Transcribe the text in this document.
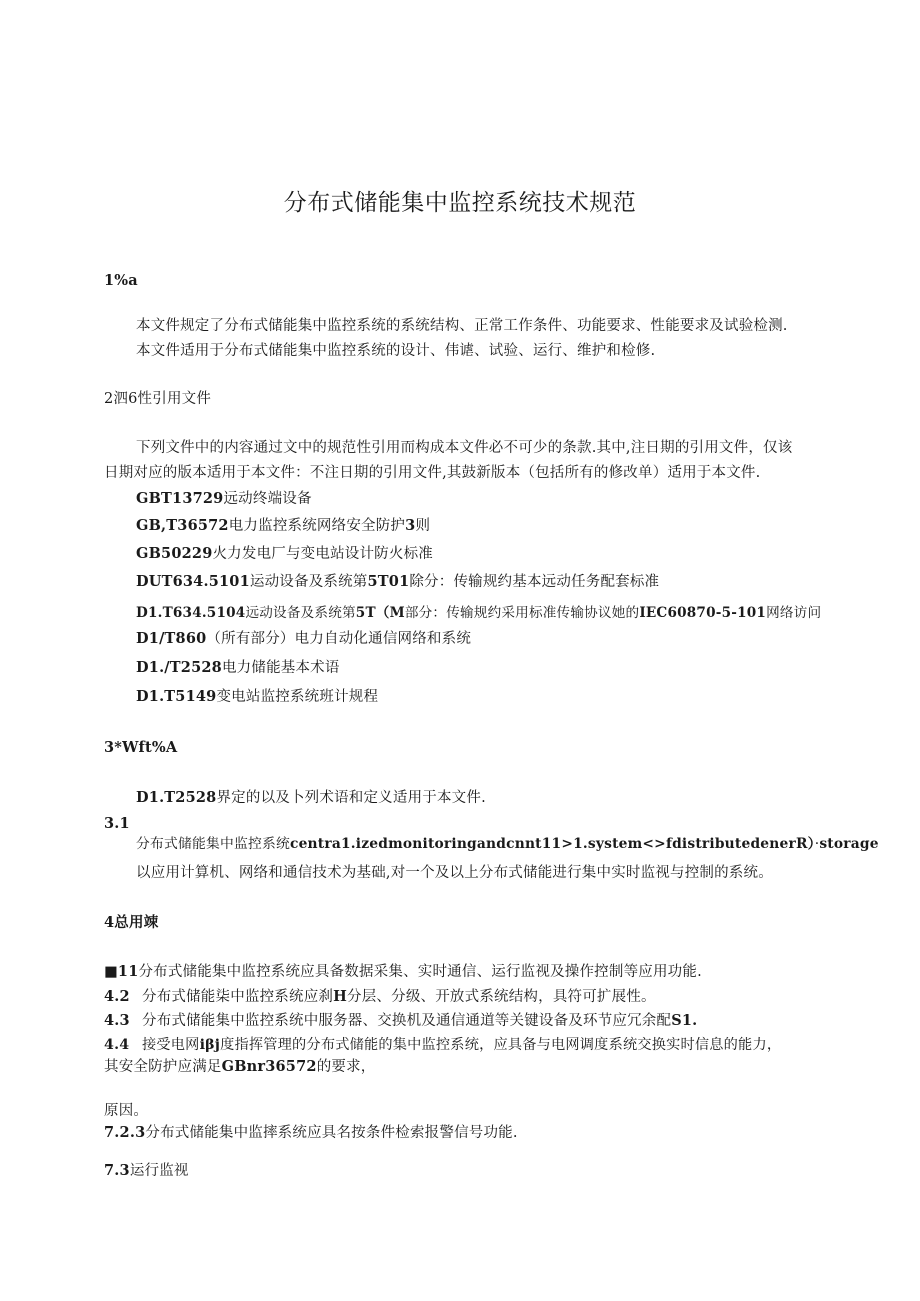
分布式储能集中监控系统技术规范
1%a
本文件规定了分布式储能集中监控系统的系统结构、正常工作条件、功能要求、性能要求及试验检测.
本文件适用于分布式储能集中监控系统的设计、伟谑、试验、运行、维护和检修.
2泗6性引用文件
下列文件中的内容通过文中的规范性引用而构成本文件必不可少的条款.其中,注日期的引用文件，仅该
日期对应的版本适用于本文件：不注日期的引用文件,其鼓新版本（包括所有的修改单）适用于本文件.
GBT13729远动终端设备
GB,T36572电力监控系统网络安全防护3则
GB50229火力发电厂与变电站设计防火标准
DUT634.5101运动设备及系统第5T01除分：传输规约基本远动任务配套标准
D1.T634.5104远动设备及系统第5T（M部分：传输规约采用标准传输协议她的IEC60870-5-101网络访问
D1/T860（所有部分）电力自动化通信网络和系统
D1./T2528电力储能基本术语
D1.T5149变电站监控系统班计规程
3*Wft%A
D1.T2528界定的以及卜列术语和定义适用于本文件.
3.1
分布式储能集中监控系统centra1.izedmonitoringandcnnt11>1.system<>fdistributedenerR）·storage
以应用计算机、网络和通信技术为基础,对一个及以上分布式储能进行集中实时监视与控制的系统。
4总用竦
■11分布式储能集中监控系统应具备数据采集、实时通信、运行监视及操作控制等应用功能.
4.2 分布式储能柒中监控系统应刹H分层、分级、开放式系统结构，具符可扩展性。
4.3 分布式储能集中监控系统中服务器、交换机及通信通道等关键设备及环节应冗余配S1.
4.4 接受电网iβj度指挥管理的分布式储能的集中监控系统，应具备与电网调度系统交换实时信息的能力，
其安全防护应满足GBnr36572的要求，
原因。
7.2.3分布式储能集中监摔系统应具名按条件检索报警信号功能.
7.3运行监视
